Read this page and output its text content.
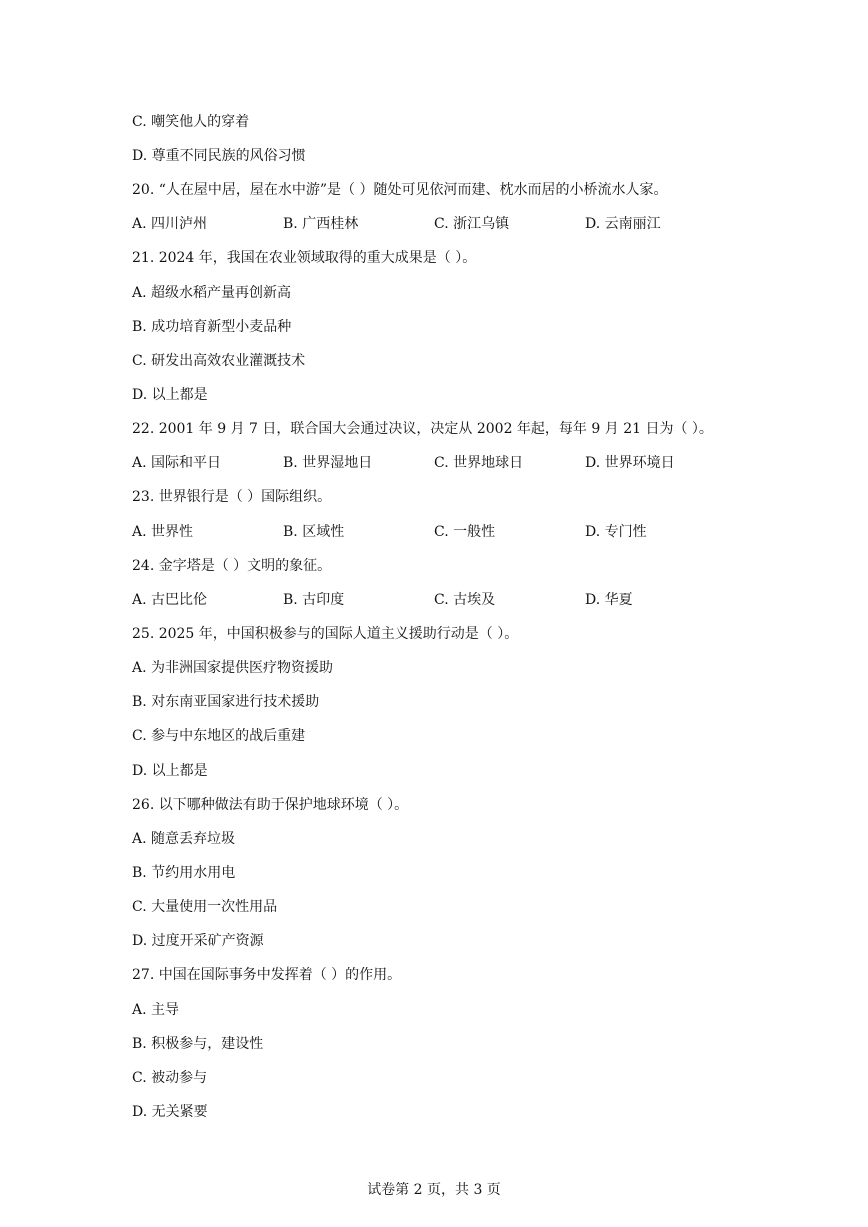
C. 嘲笑他人的穿着
D. 尊重不同民族的风俗习惯
20. “人在屋中居，屋在水中游”是（ ）随处可见依河而建、枕水而居的小桥流水人家。
A. 四川泸州	B. 广西桂林	C. 浙江乌镇	D. 云南丽江
21. 2024 年，我国在农业领域取得的重大成果是（ ）。
A. 超级水稻产量再创新高
B. 成功培育新型小麦品种
C. 研发出高效农业灌溉技术
D. 以上都是
22. 2001 年 9 月 7 日，联合国大会通过决议，决定从 2002 年起，每年 9 月 21 日为（ ）。
A. 国际和平日	B. 世界湿地日	C. 世界地球日	D. 世界环境日
23. 世界银行是（ ）国际组织。
A. 世界性	B. 区域性	C. 一般性	D. 专门性
24. 金字塔是（ ）文明的象征。
A. 古巴比伦	B. 古印度	C. 古埃及	D. 华夏
25. 2025 年，中国积极参与的国际人道主义援助行动是（ ）。
A. 为非洲国家提供医疗物资援助
B. 对东南亚国家进行技术援助
C. 参与中东地区的战后重建
D. 以上都是
26. 以下哪种做法有助于保护地球环境（ ）。
A. 随意丢弃垃圾
B. 节约用水用电
C. 大量使用一次性用品
D. 过度开采矿产资源
27. 中国在国际事务中发挥着（ ）的作用。
A. 主导
B. 积极参与，建设性
C. 被动参与
D. 无关紧要
试卷第 2 页，共 3 页
